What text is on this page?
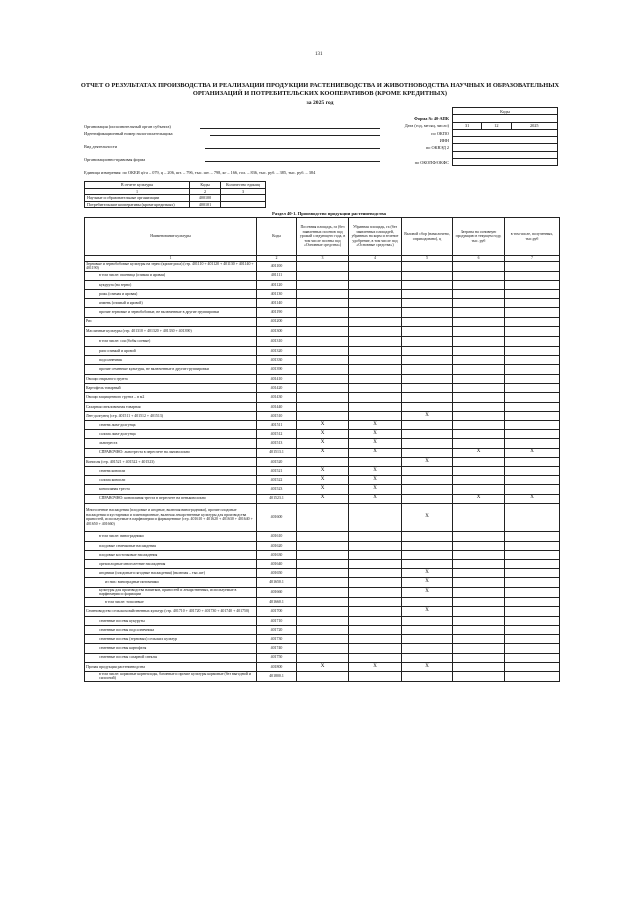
131
ОТЧЕТ О РЕЗУЛЬТАТАХ ПРОИЗВОДСТВА И РЕАЛИЗАЦИИ ПРОДУКЦИИ РАСТЕНИЕВОДСТВА И ЖИВОТНОВОДСТВА НАУЧНЫХ И ОБРАЗОВАТЕЛЬНЫХ ОРГАНИЗАЦИЙ И ПОТРЕБИТЕЛЬСКИХ КООПЕРАТИВОВ (КРОМЕ КРЕДИТНЫХ)
за 2025 год
	Коды		
Форма № 40-АПК			
Дата (год, месяц, число)	31	12	2025
по ОКПО			
ИНН			
по ОКВЭД 2			

по ОКОПФ/ОКФС			
Организация (исполнительный орган субъекта)
Идентификационный номер налогоплательщика
Вид деятельности
Организационно-правовая форма
Единица измерения: по ОКЕИ ц/га – 079, ц – 206, шт. – 796, тыс. шт. – 798, кг – 166, гол. – 836, тыс. руб. – 385, тыс. руб. – 384
В отчете культуры	Коды	Количество единиц
1	2	3
Научные и образовательные организации	400100	
Потребительские кооперативы (кроме кредитных)	400101	
Раздел 40-1. Производство продукции растениеводства
Наименование культуры	Коды	Посевная площадь, га (без заявленных посевов под урожай следующего года, в том числе посевы под «Основные средства»)	Убранная площадь, га (без заявленных площадей, убранных на корм и зеленое удобрение, в том числе под «Основные средства»)	Валовой сбор (намолочено, оприходовано), ц	Затраты на основную продукцию в текущем году, тыс. руб	в том числе, полученных, тыс.руб
1	2	3	4	5	6	7
Зерновые и зернобобовые культуры на зерно (кроме риса) (стр. 401110 + 401120 + 401130 + 401140 + 401190)	401100					
в том числе: пшеница (озимая и яровая)	401111					
кукуруза (на зерно)	401120					
рожь (озимая и яровая)	401130					
ячмень (озимый и яровой)	401140					
прочие зерновые и зернобобовые, не включенные в другие группировки	401190					
Рис	401200					
Масличные культуры (стр. 401310 + 401320 + 401330 + 401390)	401300					
в том числе: соя (бобы соевые)	401310					
рапс озимый и яровой	401320					
подсолнечник	401330					
прочие семенные культуры, не включенные в другие группировки	401390					
Овощи открытого грунта	401410					
Картофель товарный	401420					
Овощи защищенного грунта – в м2	401430					
Сахарная свекловичная товарная	401440					
Лен-долгунец (стр. 401511 + 401512 + 401513)	401510			X		
семена льна-долгунца	401511	X	X			
солома льна-долгунца	401512	X	X			
льнотреста	401513	X	X			
СПРАВОЧНО: льнотреста в пересчете на льноволокно	401513.1	X	X		X	X
Конопля (стр. 401521 + 401522 + 401523)	401520			X		
семена конопли	401521	X	X			
солома конопли	401522	X	X			
конопляная треста	401523	X	X			
СПРАВОЧНО: конопляная треста в пересчете на пеньковолокно	401523.1	X	X		X	X
Многолетние насаждения (плодовые и ягодные, включая виноградники), прочие плодовые насаждения и кустарники и плантационные, включая лекарственные культуры для производства пряностей, используемые в парфюмерии и фармацевтике (стр. 401610 + 401620 + 401630 + 401640 + 401650 + 401660)	401600			X		
в том числе: виноградники	401610					
плодовые семечковые насаждения	401620					
плодовые косточковые насаждения	401630					
орехоплодные многолетние насаждения	401640					
ягодники (плодовые и ягодные насаждения) (включая – тыс.шт)	401650			X		
из них: виноградные питомники	401650.1			X		
культуры для производства напитков, пряностей и лекарственных, используемые в парфюмерии и фармации	401660			X		
в том числе: тополевые	401660.1					
Семеноводство сельскохозяйственных культур (стр. 401710 + 401720 + 401730 + 401740 + 401750)	401700			X		
семенные посевы кукурузы	401710					
семенные посевы подсолнечника	401720					
семенные посевы (зерновых) сельских культур	401730					
семенные посевы картофеля	401740					
семенные посевы сахарной свеклы	401750					
Прочая продукция растениеводства	401800	X	X	X		
в том числе: кормовые корнеплоды, бахчевые и прочие культуры кормовые (без выгодной и силосной)	401800.1					
